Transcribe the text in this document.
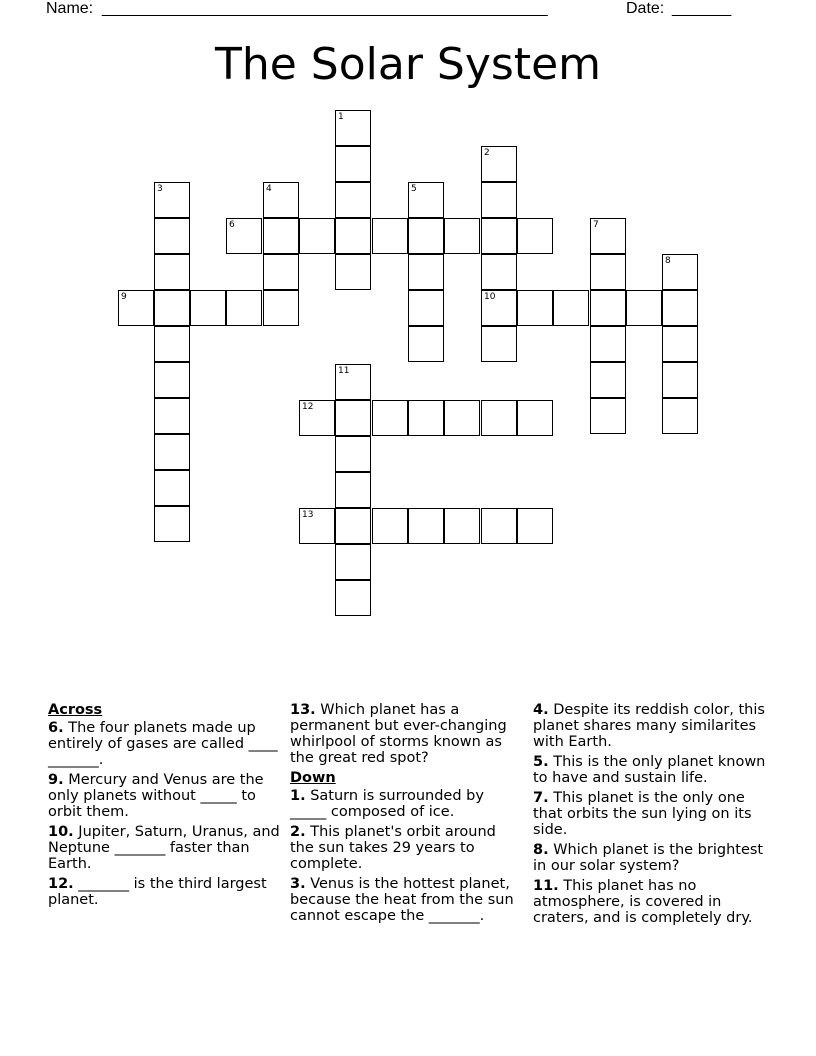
Name: _____________________________________________________	Date: _______
The Solar System
1
2
10
3	4	5
6	7
8
9
11
12
13
Across
6. The four planets made up entirely of gases are called ____ _______.
9. Mercury and Venus are the only planets without _____ to orbit them.
10. Jupiter, Saturn, Uranus, and Neptune _______ faster than Earth.
12. _______ is the third largest planet.
13. Which planet has a permanent but ever-changing whirlpool of storms known as the great red spot?
Down
1. Saturn is surrounded by _____ composed of ice.
2. This planet's orbit around the sun takes 29 years to complete.
3. Venus is the hottest planet, because the heat from the sun cannot escape the _______.
4. Despite its reddish color, this planet shares many similarites with Earth.
5. This is the only planet known to have and sustain life.
7. This planet is the only one that orbits the sun lying on its side.
8. Which planet is the brightest in our solar system?
11. This planet has no atmosphere, is covered in craters, and is completely dry.
